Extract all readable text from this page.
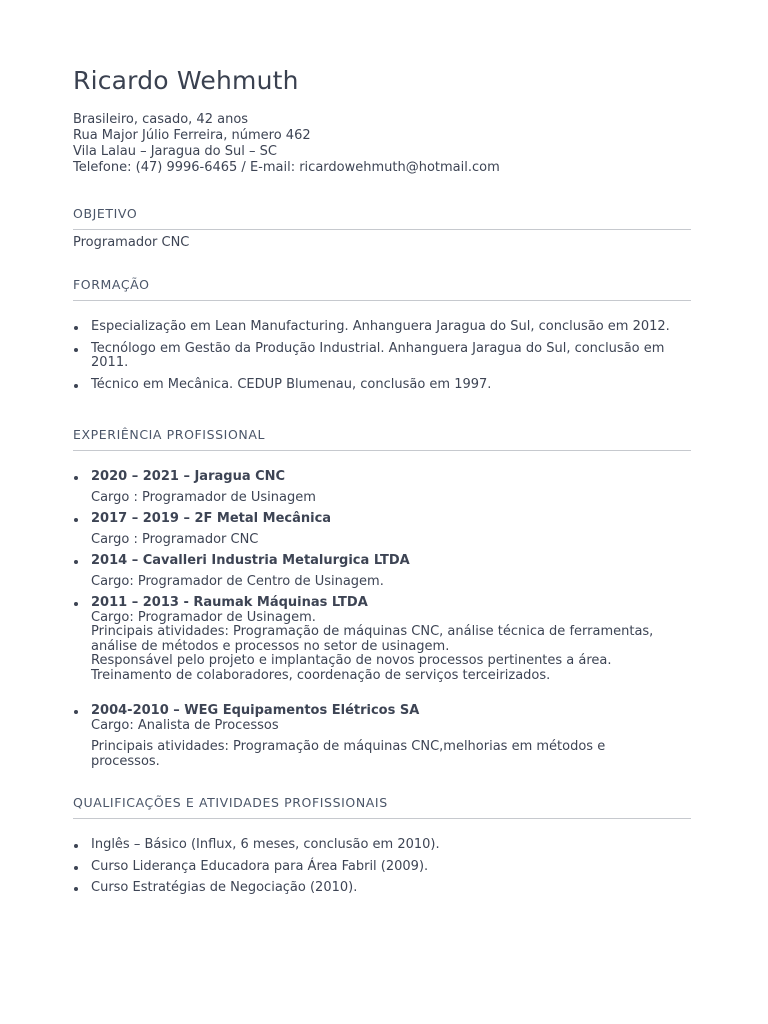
Ricardo Wehmuth
Brasileiro, casado, 42 anos
Rua Major Júlio Ferreira, número 462
Vila Lalau – Jaragua do Sul – SC
Telefone: (47) 9996-6465 / E-mail: ricardowehmuth@hotmail.com
OBJETIVO
Programador CNC
FORMAÇÃO
Especialização em Lean Manufacturing. Anhanguera Jaragua do Sul, conclusão em 2012.
Tecnólogo em Gestão da Produção Industrial. Anhanguera Jaragua do Sul, conclusão em 2011.
Técnico em Mecânica. CEDUP Blumenau, conclusão em 1997.
EXPERIÊNCIA PROFISSIONAL
2020 – 2021 – Jaragua CNC
Cargo : Programador de Usinagem
2017 – 2019 – 2F Metal Mecânica
Cargo : Programador CNC
2014 – Cavalleri Industria Metalurgica LTDA
Cargo: Programador de Centro de Usinagem.
2011 – 2013 - Raumak Máquinas LTDA
Cargo: Programador de Usinagem.
Principais atividades: Programação de máquinas CNC, análise técnica de ferramentas,
análise de métodos e processos no setor de usinagem.
Responsável pelo projeto e implantação de novos processos pertinentes a área.
Treinamento de colaboradores, coordenação de serviços terceirizados.
2004-2010 – WEG Equipamentos Elétricos SA
Cargo: Analista de Processos
Principais atividades: Programação de máquinas CNC,melhorias em métodos e processos.
QUALIFICAÇÕES E ATIVIDADES PROFISSIONAIS
Inglês – Básico (Influx, 6 meses, conclusão em 2010).
Curso Liderança Educadora para Área Fabril (2009).
Curso Estratégias de Negociação (2010).
